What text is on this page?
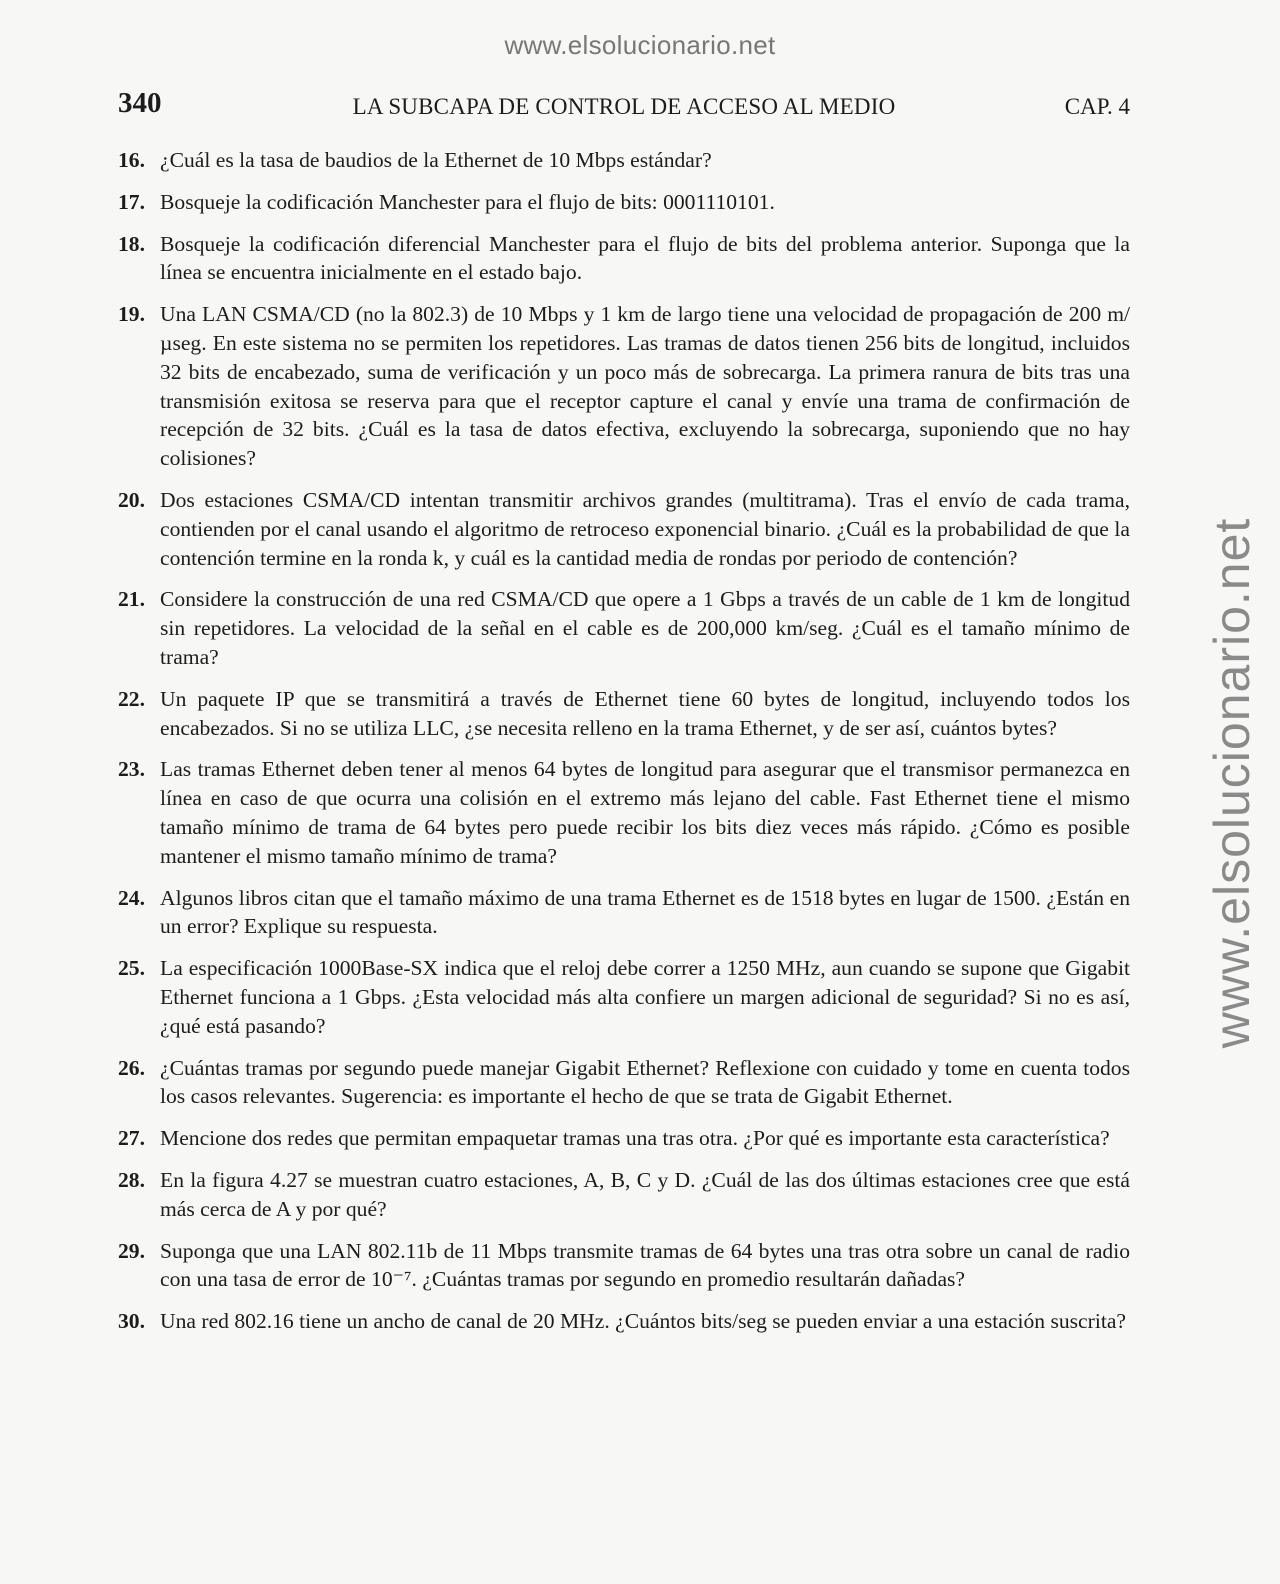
www.elsolucionario.net
www.elsolucionario.net
340	LA SUBCAPA DE CONTROL DE ACCESO AL MEDIO	CAP. 4
16. ¿Cuál es la tasa de baudios de la Ethernet de 10 Mbps estándar?
17. Bosqueje la codificación Manchester para el flujo de bits: 0001110101.
18. Bosqueje la codificación diferencial Manchester para el flujo de bits del problema anterior. Suponga que la línea se encuentra inicialmente en el estado bajo.
19. Una LAN CSMA/CD (no la 802.3) de 10 Mbps y 1 km de largo tiene una velocidad de propagación de 200 m/µseg. En este sistema no se permiten los repetidores. Las tramas de datos tienen 256 bits de longitud, incluidos 32 bits de encabezado, suma de verificación y un poco más de sobrecarga. La primera ranura de bits tras una transmisión exitosa se reserva para que el receptor capture el canal y envíe una trama de confirmación de recepción de 32 bits. ¿Cuál es la tasa de datos efectiva, excluyendo la sobrecarga, suponiendo que no hay colisiones?
20. Dos estaciones CSMA/CD intentan transmitir archivos grandes (multitrama). Tras el envío de cada trama, contienden por el canal usando el algoritmo de retroceso exponencial binario. ¿Cuál es la probabilidad de que la contención termine en la ronda k, y cuál es la cantidad media de rondas por periodo de contención?
21. Considere la construcción de una red CSMA/CD que opere a 1 Gbps a través de un cable de 1 km de longitud sin repetidores. La velocidad de la señal en el cable es de 200,000 km/seg. ¿Cuál es el tamaño mínimo de trama?
22. Un paquete IP que se transmitirá a través de Ethernet tiene 60 bytes de longitud, incluyendo todos los encabezados. Si no se utiliza LLC, ¿se necesita relleno en la trama Ethernet, y de ser así, cuántos bytes?
23. Las tramas Ethernet deben tener al menos 64 bytes de longitud para asegurar que el transmisor permanezca en línea en caso de que ocurra una colisión en el extremo más lejano del cable. Fast Ethernet tiene el mismo tamaño mínimo de trama de 64 bytes pero puede recibir los bits diez veces más rápido. ¿Cómo es posible mantener el mismo tamaño mínimo de trama?
24. Algunos libros citan que el tamaño máximo de una trama Ethernet es de 1518 bytes en lugar de 1500. ¿Están en un error? Explique su respuesta.
25. La especificación 1000Base-SX indica que el reloj debe correr a 1250 MHz, aun cuando se supone que Gigabit Ethernet funciona a 1 Gbps. ¿Esta velocidad más alta confiere un margen adicional de seguridad? Si no es así, ¿qué está pasando?
26. ¿Cuántas tramas por segundo puede manejar Gigabit Ethernet? Reflexione con cuidado y tome en cuenta todos los casos relevantes. Sugerencia: es importante el hecho de que se trata de Gigabit Ethernet.
27. Mencione dos redes que permitan empaquetar tramas una tras otra. ¿Por qué es importante esta característica?
28. En la figura 4.27 se muestran cuatro estaciones, A, B, C y D. ¿Cuál de las dos últimas estaciones cree que está más cerca de A y por qué?
29. Suponga que una LAN 802.11b de 11 Mbps transmite tramas de 64 bytes una tras otra sobre un canal de radio con una tasa de error de 10⁻⁷. ¿Cuántas tramas por segundo en promedio resultarán dañadas?
30. Una red 802.16 tiene un ancho de canal de 20 MHz. ¿Cuántos bits/seg se pueden enviar a una estación suscrita?
